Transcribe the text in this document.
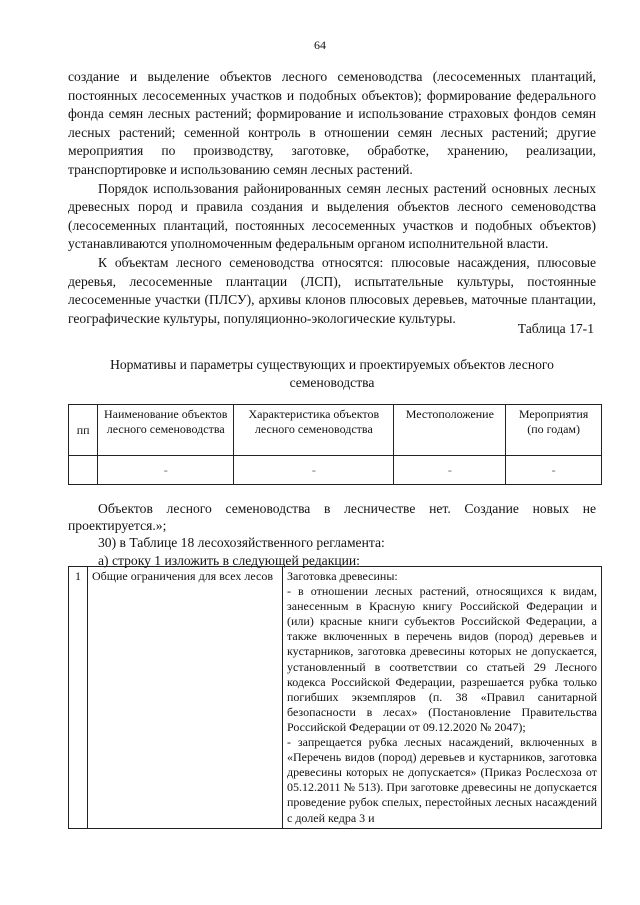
64

создание и выделение объектов лесного семеноводства (лесосеменных плантаций, постоянных лесосеменных участков и подобных объектов); формирование федерального фонда семян лесных растений; формирование и использование страховых фондов семян лесных растений; семенной контроль в отношении семян лесных растений; другие мероприятия по производству, заготовке, обработке, хранению, реализации, транспортировке и использованию семян лесных растений.

Порядок использования районированных семян лесных растений основных лесных древесных пород и правила создания и выделения объектов лесного семеноводства (лесосеменных плантаций, постоянных лесосеменных участков и подобных объектов) устанавливаются уполномоченным федеральным органом исполнительной власти.

К объектам лесного семеноводства относятся: плюсовые насаждения, плюсовые деревья, лесосеменные плантации (ЛСП), испытательные культуры, постоянные лесосеменные участки (ПЛСУ), архивы клонов плюсовых деревьев, маточные плантации, географические культуры, популяционно-экологические культуры.

Таблица 17-1
Нормативы и параметры существующих и проектируемых объектов лесного семеноводства
пп	Наименование объектов лесного семеноводства	Характеристика объектов лесного семеноводства	Местоположение	Мероприятия (по годам)
	-	-	-	-

Объектов лесного семеноводства в лесничестве нет. Создание новых не проектируется.»;

30) в Таблице 18 лесохозяйственного регламента:

а) строку 1 изложить в следующей редакции:

1	Общие ограничения для всех лесов	Заготовка древесины:
- в отношении лесных растений, относящихся к видам, занесенным в Красную книгу Российской Федерации и (или) красные книги субъектов Российской Федерации, а также включенных в перечень видов (пород) деревьев и кустарников, заготовка древесины которых не допускается, установленный в соответствии со статьей 29 Лесного кодекса Российской Федерации, разрешается рубка только погибших экземпляров (п. 38 «Правил санитарной безопасности в лесах» (Постановление Правительства Российской Федерации от 09.12.2020 № 2047);
- запрещается рубка лесных насаждений, включенных в «Перечень видов (пород) деревьев и кустарников, заготовка древесины которых не допускается» (Приказ Рослесхоза от 05.12.2011 № 513). При заготовке древесины не допускается проведение рубок спелых, перестойных лесных насаждений с долей кедра 3 и
